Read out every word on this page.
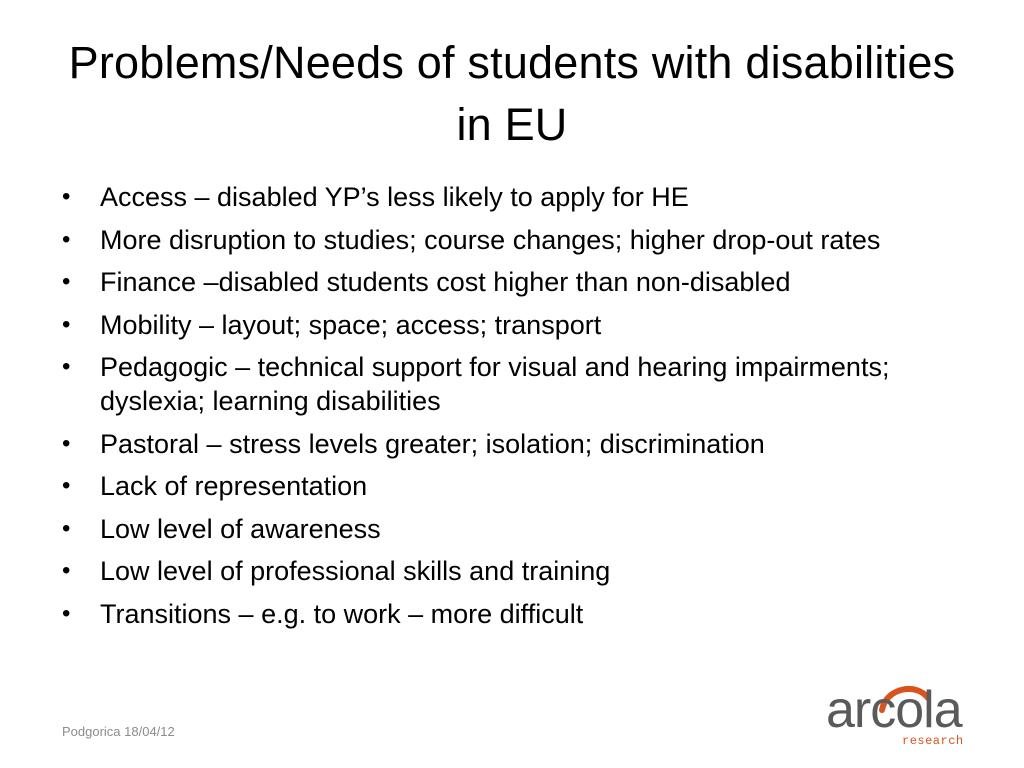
Problems/Needs of students with disabilities in EU
•	Access – disabled YP’s less likely to apply for HE
•	More disruption to studies; course changes; higher drop-out rates
•	Finance –disabled students cost higher than non-disabled
•	Mobility – layout; space; access; transport
•	Pedagogic – technical support for visual and hearing impairments; dyslexia; learning disabilities
•	Pastoral – stress levels greater; isolation; discrimination
•	Lack of representation
•	Low level of awareness
•	Low level of professional skills and training
•	Transitions – e.g. to work – more difficult
Podgorica 18/04/12	arcola
research
